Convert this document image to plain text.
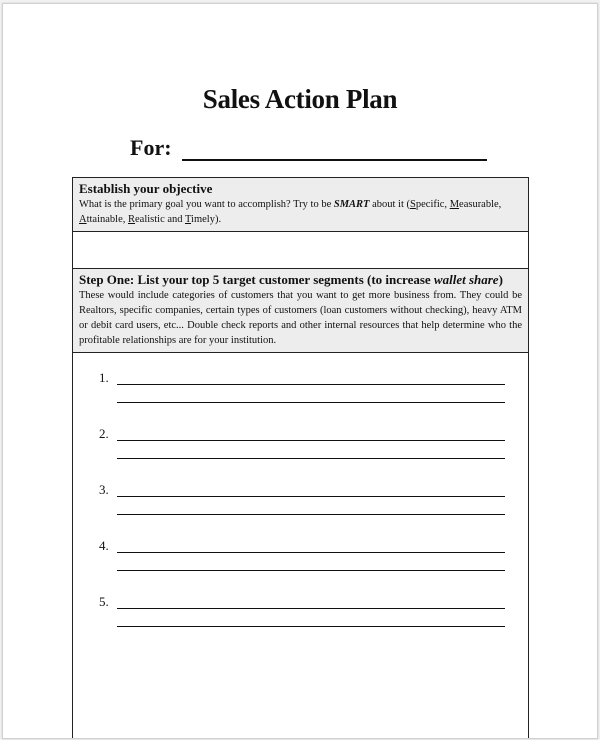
Sales Action Plan
For:
Establish your objective
What is the primary goal you want to accomplish? Try to be SMART about it (Specific, Measurable,
Attainable, Realistic and Timely).
Step One: List your top 5 target customer segments (to increase wallet share)
These would include categories of customers that you want to get more business from. They could be Realtors, specific companies, certain types of customers (loan customers without checking), heavy ATM or debit card users, etc... Double check reports and other internal resources that help determine who the profitable relationships are for your institution.
1.
2.
3.
4.
5.
